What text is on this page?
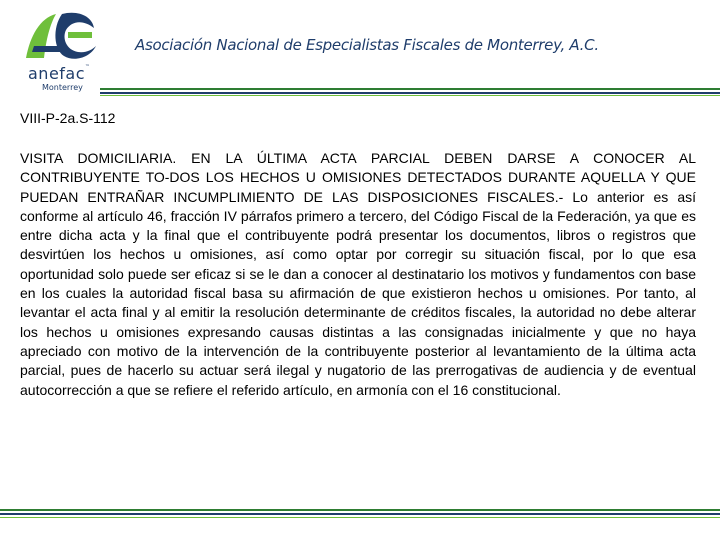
anefac™
Monterrey
Asociación Nacional de Especialistas Fiscales de Monterrey, A.C.
VIII-P-2a.S-112
VISITA DOMICILIARIA. EN LA ÚLTIMA ACTA PARCIAL DEBEN DARSE A CONOCER AL CONTRIBUYENTE TO-DOS LOS HECHOS U OMISIONES DETECTADOS DURANTE AQUELLA Y QUE PUEDAN ENTRAÑAR INCUMPLIMIENTO DE LAS DISPOSICIONES FISCALES.- Lo anterior es así conforme al artículo 46, fracción IV párrafos primero a tercero, del Código Fiscal de la Federación, ya que es entre dicha acta y la final que el contribuyente podrá presentar los documentos, libros o registros que desvirtúen los hechos u omisiones, así como optar por corregir su situación fiscal, por lo que esa oportunidad solo puede ser eficaz si se le dan a conocer al destinatario los motivos y fundamentos con base en los cuales la autoridad fiscal basa su afirmación de que existieron hechos u omisiones. Por tanto, al levantar el acta final y al emitir la resolución determinante de créditos fiscales, la autoridad no debe alterar los hechos u omisiones expresando causas distintas a las consignadas inicialmente y que no haya apreciado con motivo de la intervención de la contribuyente posterior al levantamiento de la última acta parcial, pues de hacerlo su actuar será ilegal y nugatorio de las prerrogativas de audiencia y de eventual autocorrección a que se refiere el referido artículo, en armonía con el 16 constitucional.
